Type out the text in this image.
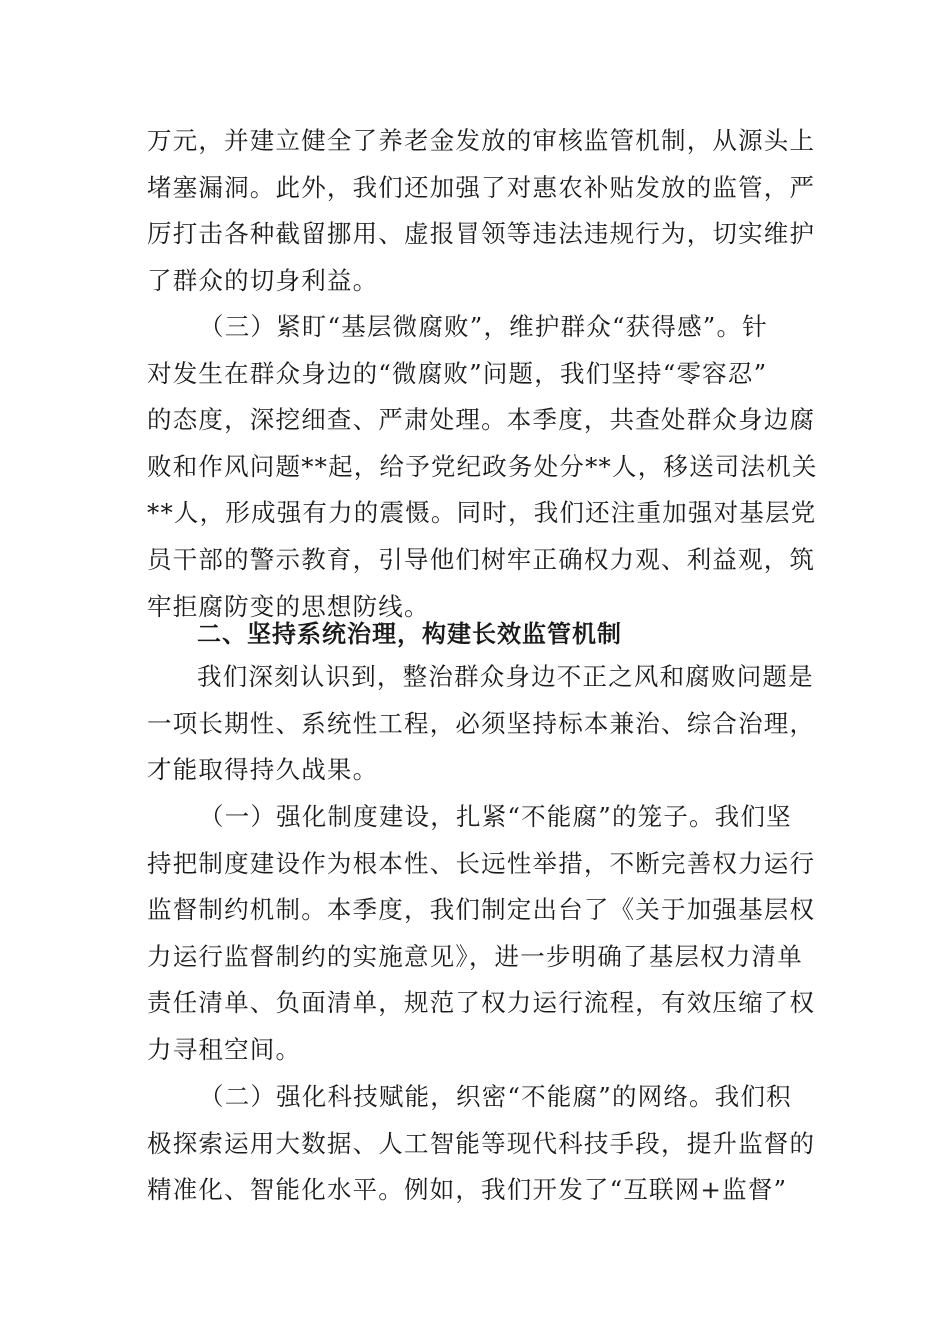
万元，并建立健全了养老金发放的审核监管机制，从源头上
堵塞漏洞。此外，我们还加强了对惠农补贴发放的监管，严
厉打击各种截留挪用、虚报冒领等违法违规行为，切实维护
了群众的切身利益。
（三）紧盯“基层微腐败”，维护群众“获得感”。针
对发生在群众身边的“微腐败”问题，我们坚持“零容忍”
的态度，深挖细查、严肃处理。本季度，共查处群众身边腐
败和作风问题**起，给予党纪政务处分**人，移送司法机关
**人，形成强有力的震慑。同时，我们还注重加强对基层党
员干部的警示教育，引导他们树牢正确权力观、利益观，筑
牢拒腐防变的思想防线。
二、坚持系统治理，构建长效监管机制
我们深刻认识到，整治群众身边不正之风和腐败问题是
一项长期性、系统性工程，必须坚持标本兼治、综合治理，
才能取得持久战果。
（一）强化制度建设，扎紧“不能腐”的笼子。我们坚
持把制度建设作为根本性、长远性举措，不断完善权力运行
监督制约机制。本季度，我们制定出台了《关于加强基层权
力运行监督制约的实施意见》，进一步明确了基层权力清单
责任清单、负面清单，规范了权力运行流程，有效压缩了权
力寻租空间。
（二）强化科技赋能，织密“不能腐”的网络。我们积
极探索运用大数据、人工智能等现代科技手段，提升监督的
精准化、智能化水平。例如，我们开发了“互联网+监督”
